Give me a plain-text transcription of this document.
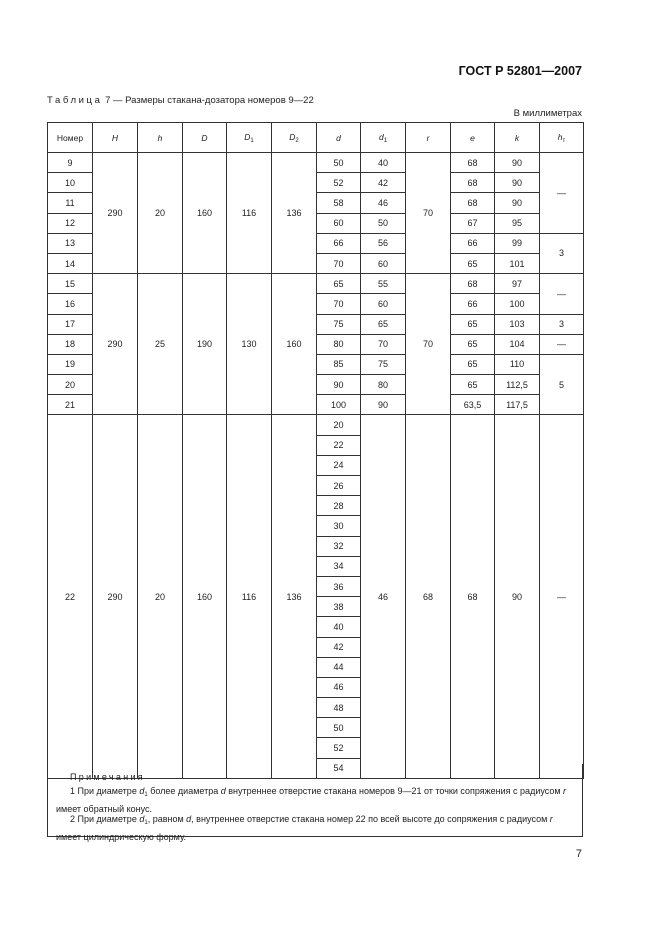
ГОСТ Р 52801—2007
Таблица 7 — Размеры стакана-дозатора номеров 9—22
В миллиметрах
Номер	H	h	D	$D_1$	$D_2$	d	$d_1$	r	e	k	$h_т$
9	290	20	160	116	136	50	40	70	68	90	—
10						52	42		68	90	
11						58	46		68	90	
12						60	50		67	95	
13						66	56		66	99	3
14						70	60		65	101	
15	290	25	190	130	160	65	55	70	68	97	—
16						70	60		66	100	
17						75	65		65	103	3
18						80	70		65	104	—
19						85	75		65	110	5
20						90	80		65	112,5	
21						100	90		63,5	117,5	
22	290	20	160	116	136	20	46	68	68	90	—
						22					
						24					
						26					
						28					
						30					
						32					
						34					
						36					
						38					
						40					
						42					
						44					
						46					
						48					
						50					
						52					
						54					
Примечания
1 При диаметре $d_1$ более диаметра d внутреннее отверстие стакана номеров 9—21 от точки сопряжения с радиусом r имеет обратный конус.
2 При диаметре $d_1$, равном d, внутреннее отверстие стакана номер 22 по всей высоте до сопряжения с радиусом r имеет цилиндрическую форму.
7
